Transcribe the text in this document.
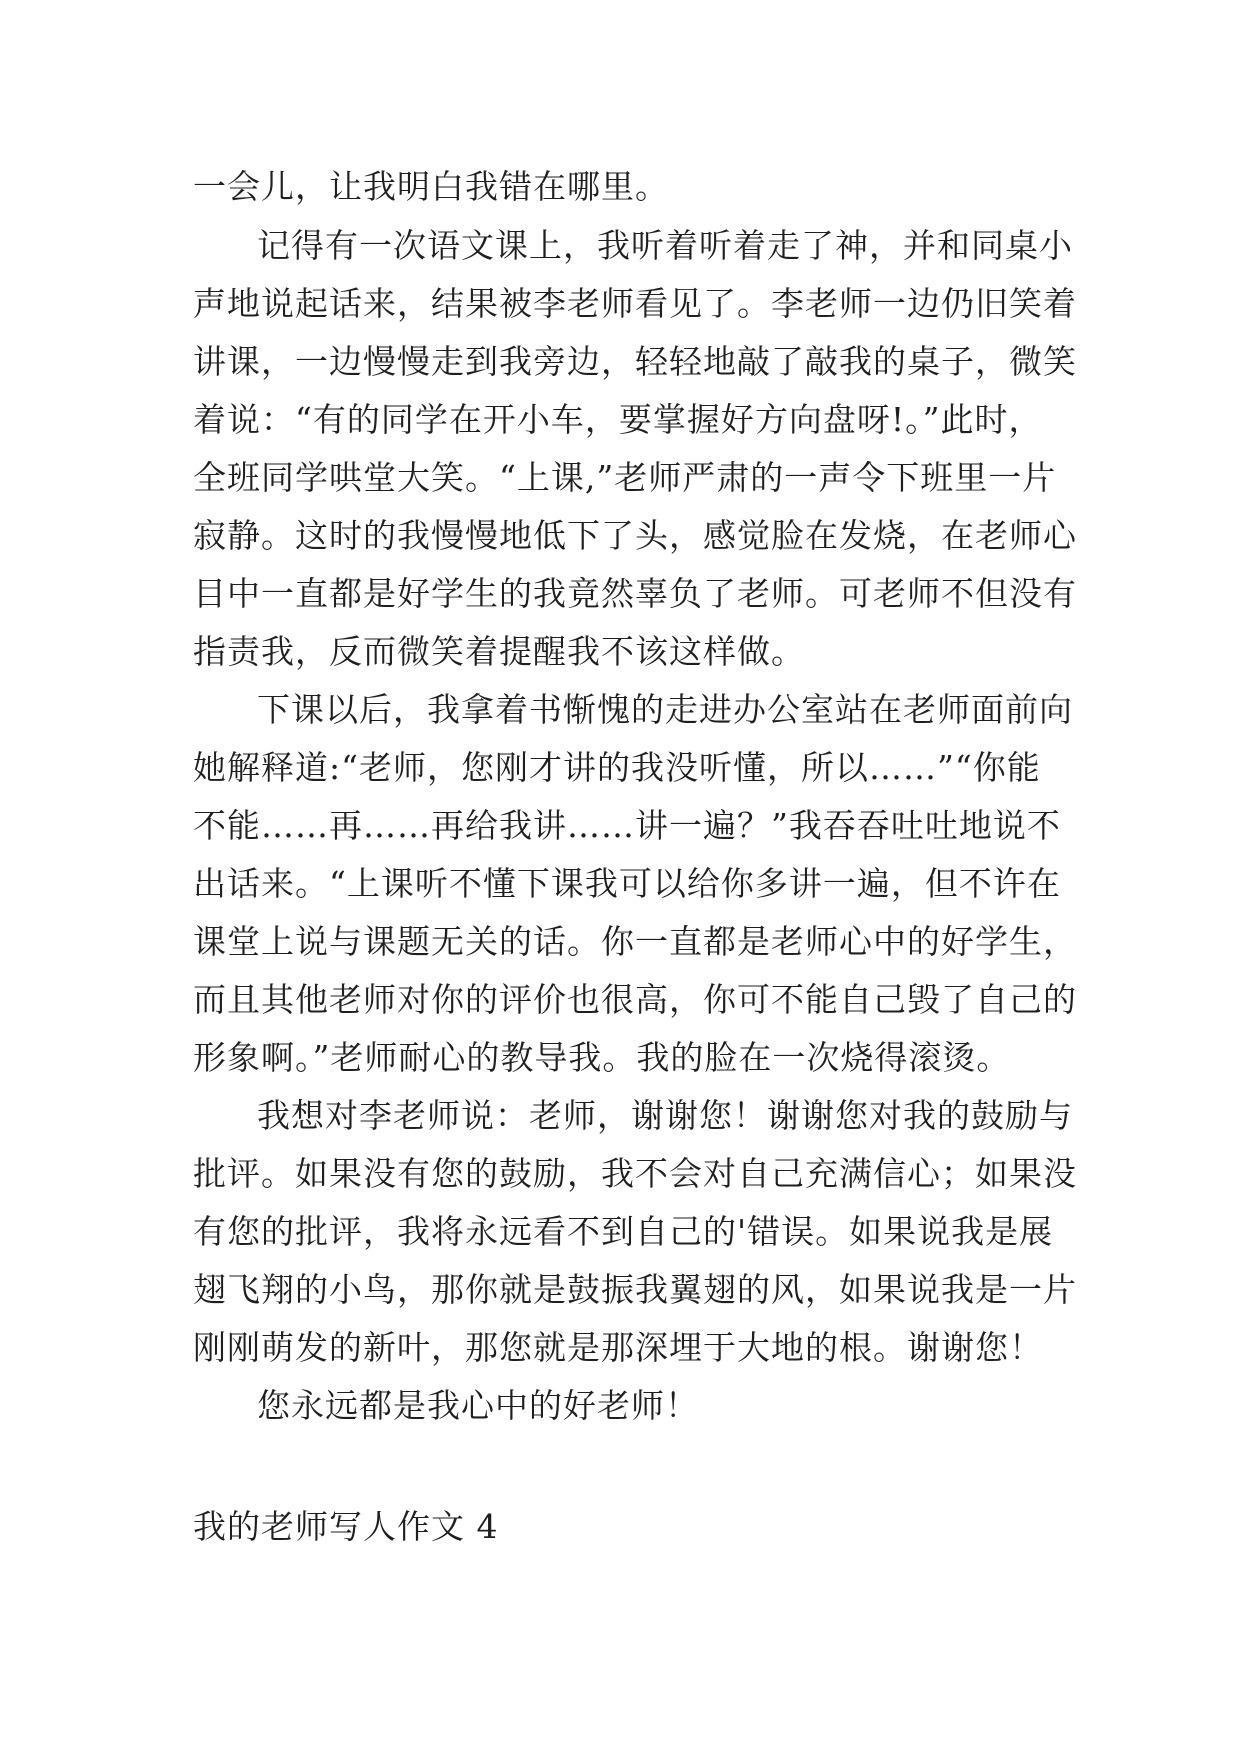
一会儿，让我明白我错在哪里。
记得有一次语文课上，我听着听着走了神，并和同桌小
声地说起话来，结果被李老师看见了。李老师一边仍旧笑着
讲课，一边慢慢走到我旁边，轻轻地敲了敲我的桌子，微笑
着说：“有的同学在开小车，要掌握好方向盘呀!。”此时，
全班同学哄堂大笑。“上课,”老师严肃的一声令下班里一片
寂静。这时的我慢慢地低下了头，感觉脸在发烧，在老师心
目中一直都是好学生的我竟然辜负了老师。可老师不但没有
指责我，反而微笑着提醒我不该这样做。
下课以后，我拿着书惭愧的走进办公室站在老师面前向
她解释道:“老师，您刚才讲的我没听懂，所以……”“你能
不能……再……再给我讲……讲一遍？”我吞吞吐吐地说不
出话来。“上课听不懂下课我可以给你多讲一遍，但不许在
课堂上说与课题无关的话。你一直都是老师心中的好学生，
而且其他老师对你的评价也很高，你可不能自己毁了自己的
形象啊。”老师耐心的教导我。我的脸在一次烧得滚烫。
我想对李老师说：老师，谢谢您！谢谢您对我的鼓励与
批评。如果没有您的鼓励，我不会对自己充满信心；如果没
有您的批评，我将永远看不到自己的'错误。如果说我是展
翅飞翔的小鸟，那你就是鼓振我翼翅的风，如果说我是一片
刚刚萌发的新叶，那您就是那深埋于大地的根。谢谢您！
您永远都是我心中的好老师！
我的老师写人作文 4
